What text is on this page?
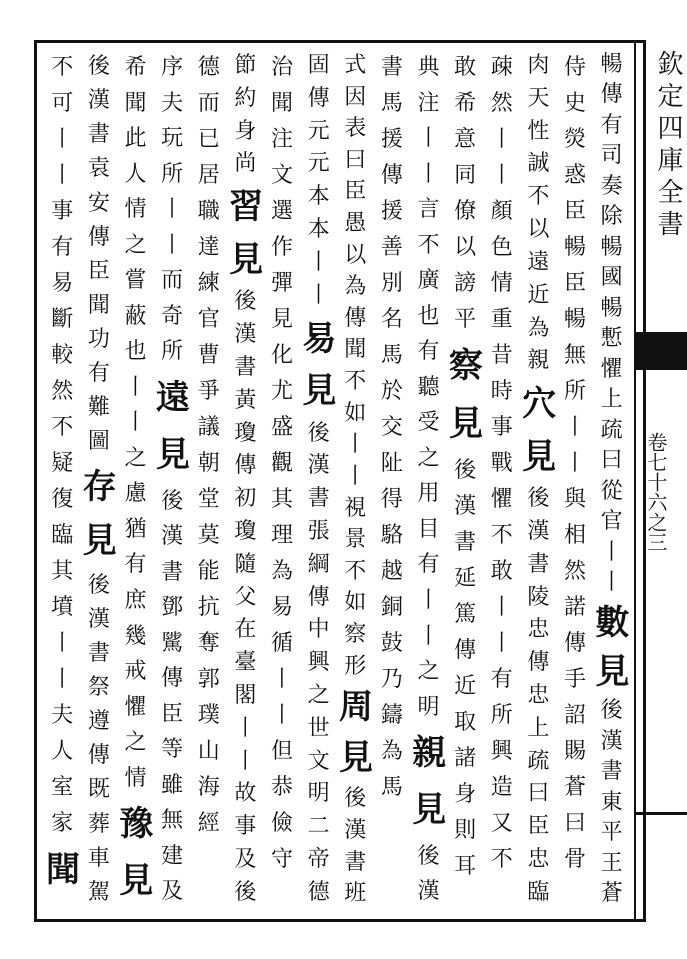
欽定四庫全書
卷七十六之三
暢
傳
有
司
奏
除
暢
國
暢
慙
懼
上
疏
曰
從
官
丨
丨
數
見
後
漢
書
東
平
王
蒼
侍
史
熒
惑
臣
暢
臣
暢
無
所
丨
丨
與
相
然
諾
傳
手
詔
賜
蒼
曰
骨
肉
天
性
誠
不
以
遠
近
為
親
穴
見
後
漢
書
陵
忠
傳
忠
上
疏
曰
臣
忠
臨
疎
然
丨
丨
顏
色
情
重
昔
時
事
戰
懼
不
敢
丨
丨
有
所
興
造
又
不
敢
希
意
同
僚
以
謗
平
察
見
後
漢
書
延
篤
傳
近
取
諸
身
則
耳
典
注
丨
丨
言
不
廣
也
有
聽
受
之
用
目
有
丨
丨
之
明
親
見
後
漢
書
馬
援
傳
援
善
別
名
馬
於
交
阯
得
駱
越
銅
鼓
乃
鑄
為
馬
式
因
表
曰
臣
愚
以
為
傳
聞
不
如
丨
丨
視
景
不
如
察
形
周
見
後
漢
書
班
固
傳
元
元
本
本
丨
丨
易
見
後
漢
書
張
綱
傳
中
興
之
世
文
明
二
帝
德
治
聞
注
文
選
作
彈
見
化
尤
盛
觀
其
理
為
易
循
丨
丨
但
恭
儉
守
節
約
身
尚
習
見
後
漢
書
黃
瓊
傳
初
瓊
隨
父
在
臺
閣
丨
丨
故
事
及
後
德
而
已
居
職
達
練
官
曹
爭
議
朝
堂
莫
能
抗
奪
郭
璞
山
海
經
序
夫
玩
所
丨
丨
而
奇
所
遠
見
後
漢
書
鄧
騭
傳
臣
等
雖
無
建
及
希
聞
此
人
情
之
嘗
蔽
也
丨
丨
之
慮
猶
有
庶
幾
戒
懼
之
情
豫
見
後
漢
書
袁
安
傳
臣
聞
功
有
難
圖
存
見
後
漢
書
祭
遵
傳
既
葬
車
駕
不
可
丨
丨
事
有
易
斷
較
然
不
疑
復
臨
其
墳
丨
丨
夫
人
室
家
聞
